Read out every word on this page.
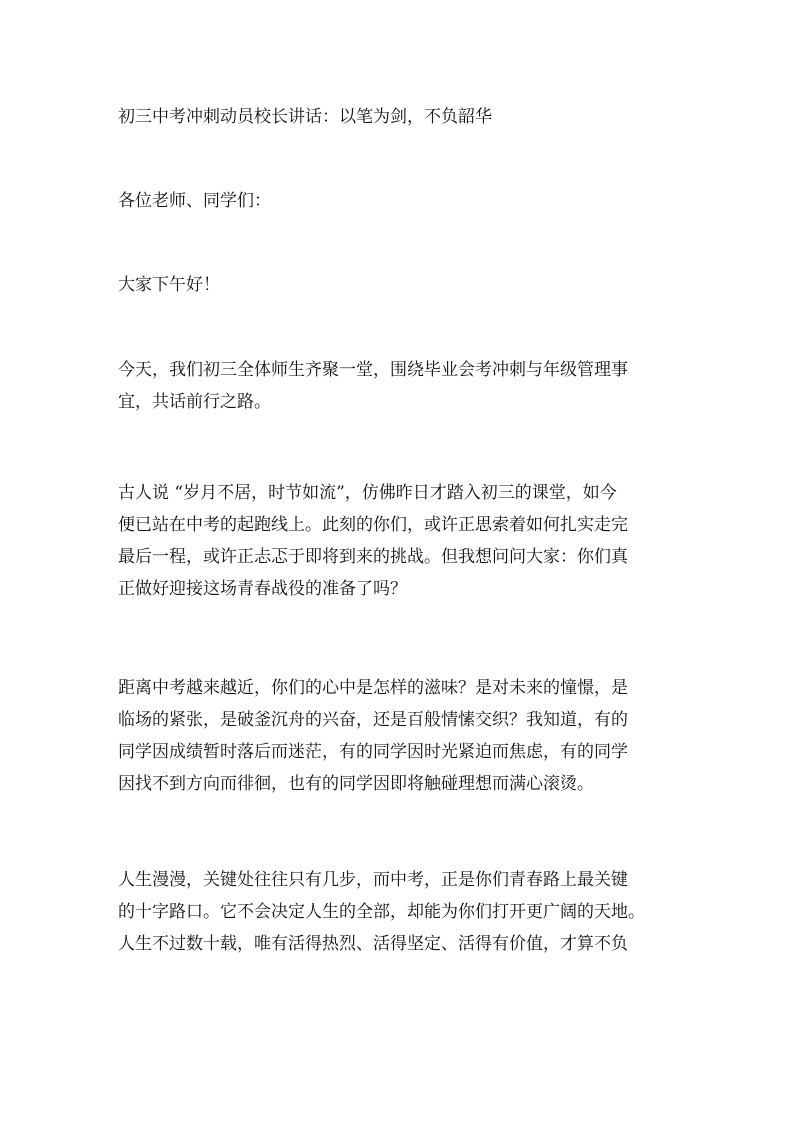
初三中考冲刺动员校长讲话：以笔为剑，不负韶华
各位老师、同学们：
大家下午好！
今天，我们初三全体师生齐聚一堂，围绕毕业会考冲刺与年级管理事
宜，共话前行之路。
古人说 “岁月不居，时节如流”，仿佛昨日才踏入初三的课堂，如今
便已站在中考的起跑线上。此刻的你们，或许正思索着如何扎实走完
最后一程，或许正忐忑于即将到来的挑战。但我想问问大家：你们真
正做好迎接这场青春战役的准备了吗？
距离中考越来越近，你们的心中是怎样的滋味？是对未来的憧憬，是
临场的紧张，是破釜沉舟的兴奋，还是百般情愫交织？我知道，有的
同学因成绩暂时落后而迷茫，有的同学因时光紧迫而焦虑，有的同学
因找不到方向而徘徊，也有的同学因即将触碰理想而满心滚烫。
人生漫漫，关键处往往只有几步，而中考，正是你们青春路上最关键
的十字路口。它不会决定人生的全部，却能为你们打开更广阔的天地。
人生不过数十载，唯有活得热烈、活得坚定、活得有价值，才算不负
